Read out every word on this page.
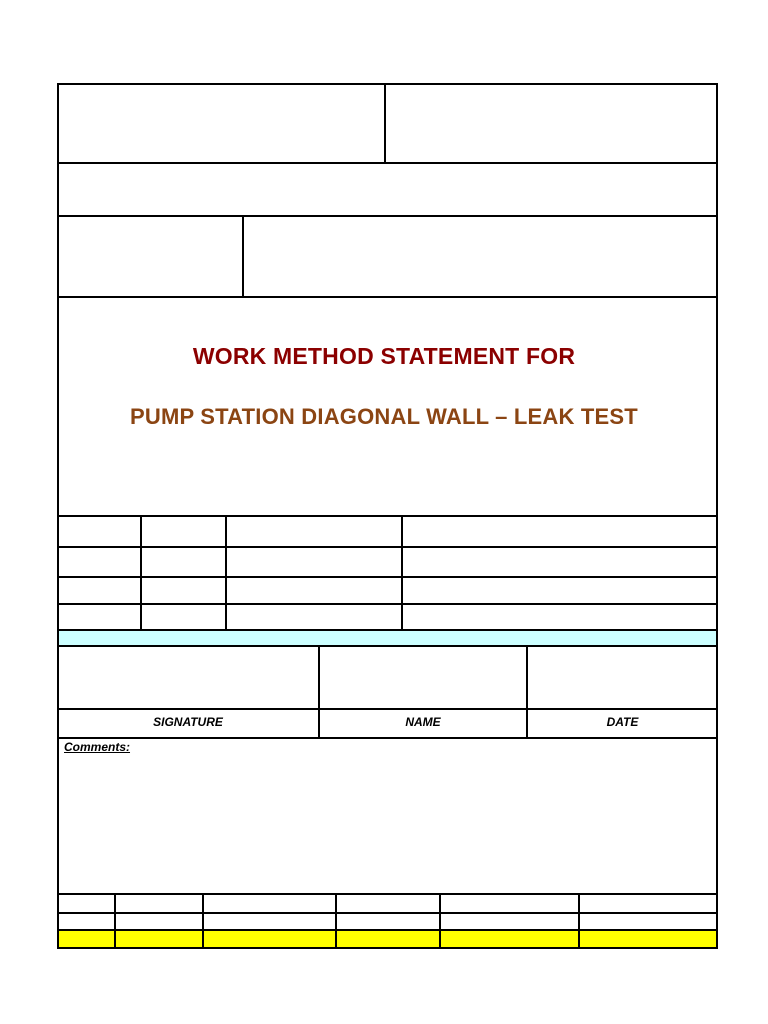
WORK METHOD STATEMENT FOR
PUMP STATION DIAGONAL WALL – LEAK TEST
SIGNATURE	NAME	DATE
Comments:
